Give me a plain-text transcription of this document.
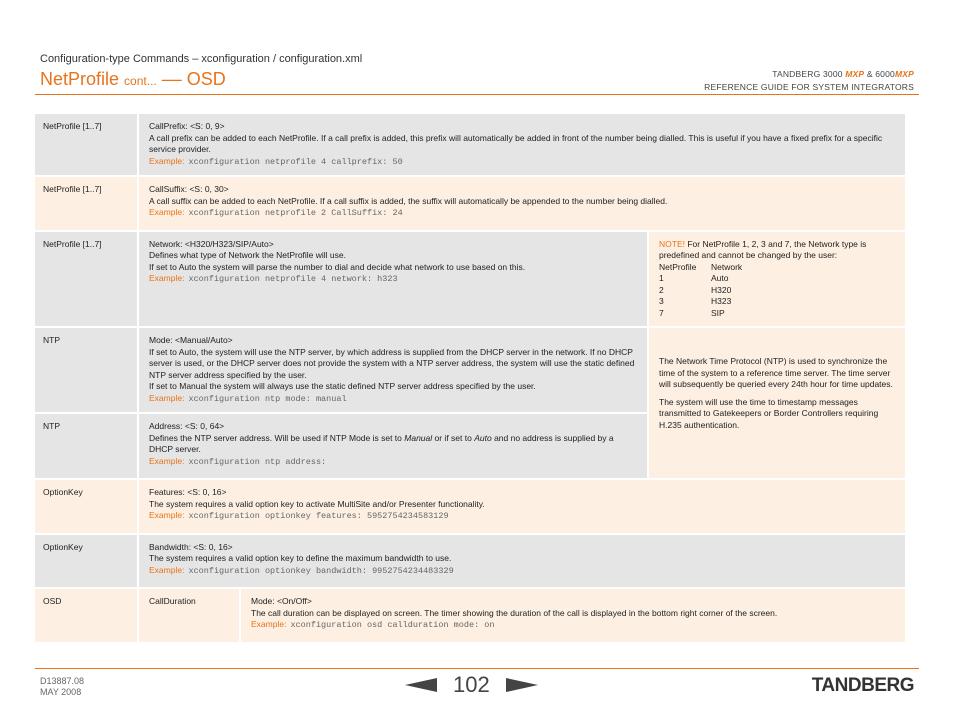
Configuration-type Commands – xconfiguration / configuration.xml
NetProfile cont... –– OSD	TANDBERG 3000 MXP & 6000MXP
REFERENCE GUIDE FOR SYSTEM INTEGRATORS
NetProfile [1..7]	CallPrefix: <S: 0, 9>
A call prefix can be added to each NetProfile. If a call prefix is added, this prefix will automatically be added in front of the number being dialled. This is useful if you have a fixed prefix for a specific service provider.
Example: xconfiguration netprofile 4 callprefix: 50
NetProfile [1..7]	CallSuffix: <S: 0, 30>
A call suffix can be added to each NetProfile. If a call suffix is added, the suffix will automatically be appended to the number being dialled.
Example: xconfiguration netprofile 2 CallSuffix: 24
NetProfile [1..7]	Network: <H320/H323/SIP/Auto>
Defines what type of Network the NetProfile will use.
If set to Auto the system will parse the number to dial and decide what network to use based on this.
Example: xconfiguration netprofile 4 network: h323
NOTE! For NetProfile 1, 2, 3 and 7, the Network type is predefined and cannot be changed by the user:
NetProfile	Network
1	Auto
2	H320
3	H323
7	SIP
NTP	Mode: <Manual/Auto>
If set to Auto, the system will use the NTP server, by which address is supplied from the DHCP server in the network. If no DHCP server is used, or the DHCP server does not provide the system with a NTP server address, the system will use the static defined NTP server address specified by the user.
If set to Manual the system will always use the static defined NTP server address specified by the user.
Example: xconfiguration ntp mode: manual
NTP	Address: <S: 0, 64>
Defines the NTP server address. Will be used if NTP Mode is set to Manual or if set to Auto and no address is supplied by a DHCP server.
Example: xconfiguration ntp address:

The Network Time Protocol (NTP) is used to synchronize the time of the system to a reference time server. The time server will subsequently be queried every 24th hour for time updates.

The system will use the time to timestamp messages transmitted to Gatekeepers or Border Controllers requiring H.235 authentication.

OptionKey	Features: <S: 0, 16>
The system requires a valid option key to activate MultiSite and/or Presenter functionality.
Example: xconfiguration optionkey features: 5952754234583129
OptionKey	Bandwidth: <S: 0, 16>
The system requires a valid option key to define the maximum bandwidth to use.
Example: xconfiguration optionkey bandwidth: 9952754234483329
OSD	CallDuration	Mode: <On/Off>
The call duration can be displayed on screen. The timer showing the duration of the call is displayed in the bottom right corner of the screen.
Example: xconfiguration osd callduration mode: on
D13887.08
MAY 2008	102	TANDBERG
